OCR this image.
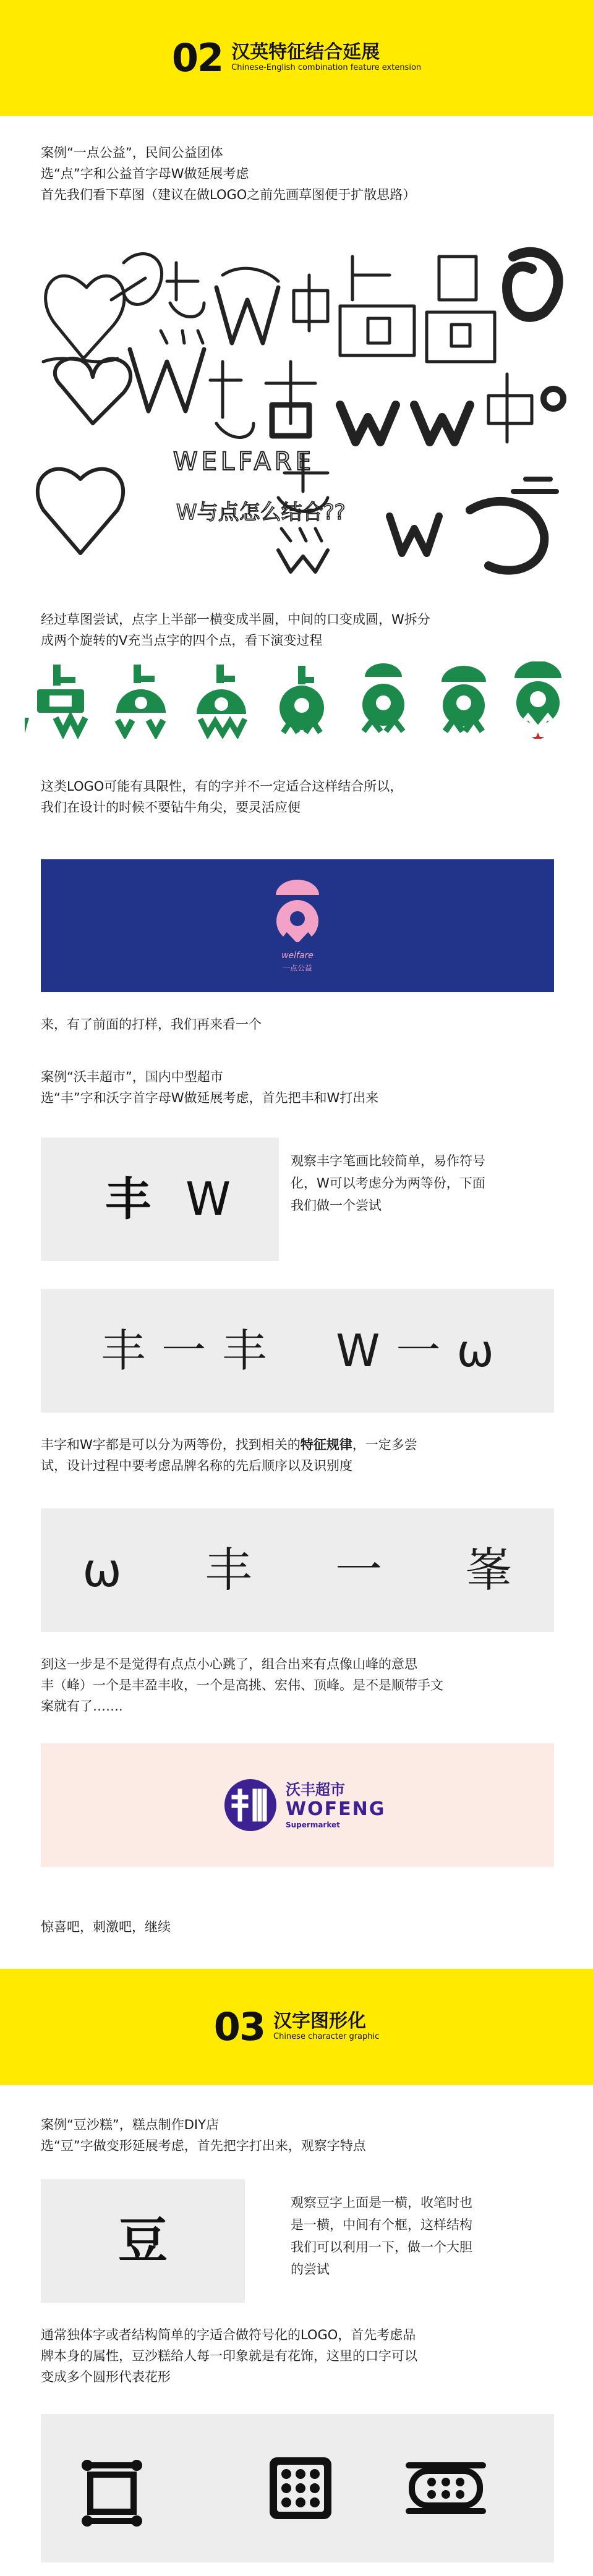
02 汉英特征结合延展
Chinese-English combination feature extension
案例“一点公益”，民间公益团体
选“点”字和公益首字母W做延展考虑
首先我们看下草图（建议在做LOGO之前先画草图便于扩散思路）
WELFARE
W与点怎么结合??
经过草图尝试，点字上半部一横变成半圆，中间的口变成圆，W拆分
成两个旋转的V充当点字的四个点，看下演变过程
这类LOGO可能有具限性，有的字并不一定适合这样结合所以，
我们在设计的时候不要钻牛角尖，要灵活应便
welfare
一点公益
来，有了前面的打样，我们再来看一个
案例“沃丰超市”，国内中型超市
选“丰”字和沃字首字母W做延展考虑，首先把丰和W打出来
丰 W
观察丰字笔画比较简单，易作符号
化，W可以考虑分为两等份，下面
我们做一个尝试
丰 一 丰 W 一 ω
丰字和W字都是可以分为两等份，找到相关的特征规律，一定多尝
试，设计过程中要考虑品牌名称的先后顺序以及识别度
ω 丰 一 峯
到这一步是不是觉得有点点小心跳了，组合出来有点像山峰的意思
丰（峰）一个是丰盈丰收，一个是高挑、宏伟、顶峰。是不是顺带手文
案就有了…….
沃丰超市
WOFENG
Supermarket
惊喜吧，刺激吧，继续
03 汉字图形化
Chinese character graphic
案例“豆沙糕”，糕点制作DIY店
选“豆”字做变形延展考虑，首先把字打出来，观察字特点
豆
观察豆字上面是一横，收笔时也
是一横，中间有个框，这样结构
我们可以利用一下，做一个大胆
的尝试
通常独体字或者结构简单的字适合做符号化的LOGO，首先考虑品
牌本身的属性，豆沙糕给人每一印象就是有花饰，这里的口字可以
变成多个圆形代表花形
